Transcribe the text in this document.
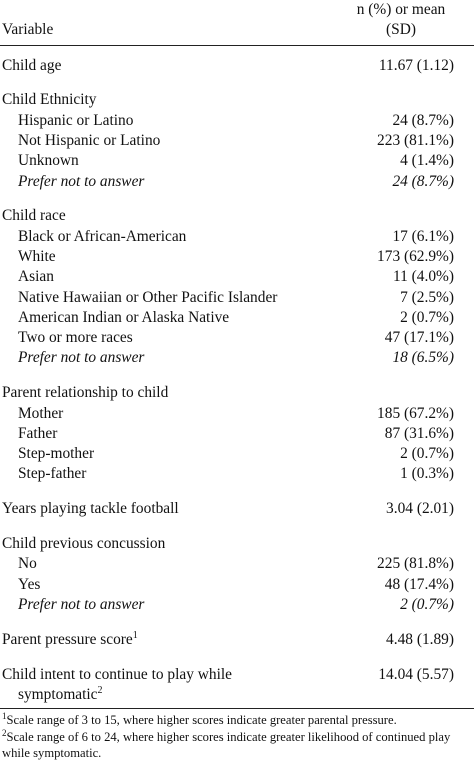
Variable	n (%) or mean
(SD)
Child age	11.67 (1.12)
Child Ethnicity	
Hispanic or Latino	24 (8.7%)
Not Hispanic or Latino	223 (81.1%)
Unknown	4 (1.4%)
Prefer not to answer	24 (8.7%)
Child race	
Black or African-American	17 (6.1%)
White	173 (62.9%)
Asian	11 (4.0%)
Native Hawaiian or Other Pacific Islander	7 (2.5%)
American Indian or Alaska Native	2 (0.7%)
Two or more races	47 (17.1%)
Prefer not to answer	18 (6.5%)
Parent relationship to child	
Mother	185 (67.2%)
Father	87 (31.6%)
Step-mother	2 (0.7%)
Step-father	1 (0.3%)
Years playing tackle football	3.04 (2.01)
Child previous concussion	
No	225 (81.8%)
Yes	48 (17.4%)
Prefer not to answer	2 (0.7%)
Parent pressure score$^1$	4.48 (1.89)
Child intent to continue to play while	14.04 (5.57)
symptomatic$^2$	

$^1$Scale range of 3 to 15, where higher scores indicate greater parental pressure.

$^2$Scale range of 6 to 24, where higher scores indicate greater likelihood of continued play while symptomatic.
